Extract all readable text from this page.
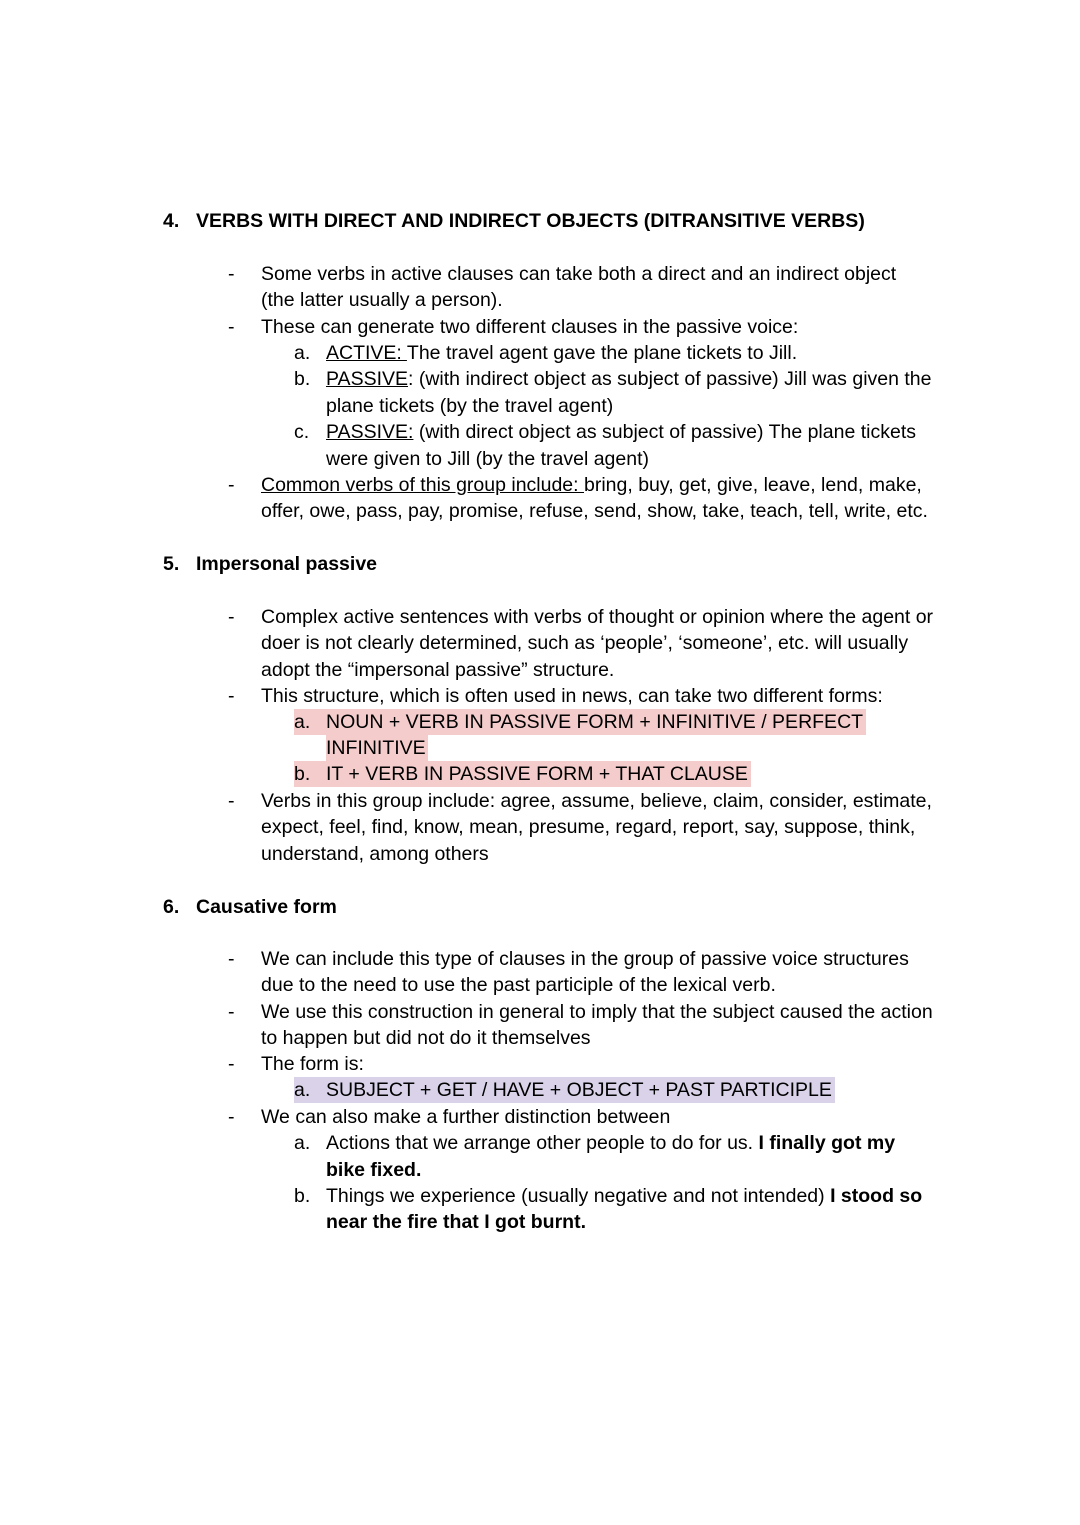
4. VERBS WITH DIRECT AND INDIRECT OBJECTS (DITRANSITIVE VERBS)
- Some verbs in active clauses can take both a direct and an indirect object
(the latter usually a person).
- These can generate two different clauses in the passive voice:
a. ACTIVE: The travel agent gave the plane tickets to Jill.
b. PASSIVE: (with indirect object as subject of passive) Jill was given the
plane tickets (by the travel agent)
c. PASSIVE: (with direct object as subject of passive) The plane tickets
were given to Jill (by the travel agent)
- Common verbs of this group include: bring, buy, get, give, leave, lend, make,
offer, owe, pass, pay, promise, refuse, send, show, take, teach, tell, write, etc.
5. Impersonal passive
- Complex active sentences with verbs of thought or opinion where the agent or
doer is not clearly determined, such as ‘people’, ‘someone’, etc. will usually
adopt the “impersonal passive” structure.
- This structure, which is often used in news, can take two different forms:
a. NOUN + VERB IN PASSIVE FORM + INFINITIVE / PERFECT
INFINITIVE
b. IT + VERB IN PASSIVE FORM + THAT CLAUSE
- Verbs in this group include: agree, assume, believe, claim, consider, estimate,
expect, feel, find, know, mean, presume, regard, report, say, suppose, think,
understand, among others
6. Causative form
- We can include this type of clauses in the group of passive voice structures
due to the need to use the past participle of the lexical verb.
- We use this construction in general to imply that the subject caused the action
to happen but did not do it themselves
- The form is:
a. SUBJECT + GET / HAVE + OBJECT + PAST PARTICIPLE
- We can also make a further distinction between
a. Actions that we arrange other people to do for us. I finally got my
bike fixed.
b. Things we experience (usually negative and not intended) I stood so
near the fire that I got burnt.
